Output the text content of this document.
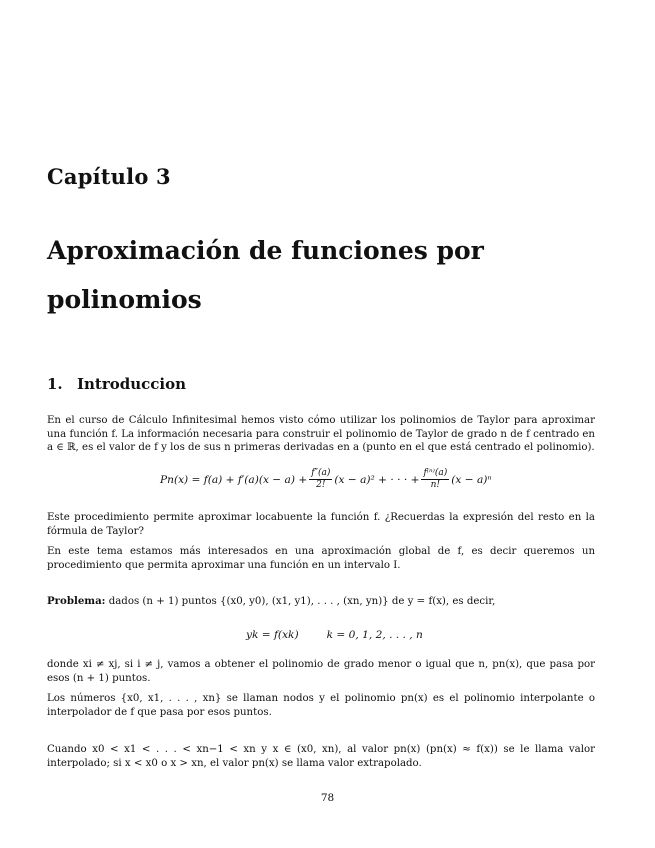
Capítulo 3
Aproximación de funciones por
polinomios
1. Introduccion
En el curso de Cálculo Infinitesimal hemos visto cómo utilizar los polinomios de Taylor para aproximar una función f. La información necesaria para construir el polinomio de Taylor de grado n de f centrado en a ∈ ℝ, es el valor de f y los de sus n primeras derivadas en a (punto en el que está centrado el polinomio).
$Pn(x) = f(a) + f'(a)(x - a) + \frac{f''(a)}{2!} (x - a)^2$ + · · · + $\frac{\text{f⁽ⁿ⁾(a)}}{n!} (x - a)^n$
Este procedimiento permite aproximar locabuente la función f. ¿Recuerdas la expresión del resto en la fórmula de Taylor?
En este tema estamos más interesados en una aproximación global de f, es decir queremos un procedimiento que permita aproximar una función en un intervalo I.
Problema: dados (n + 1) puntos {(x0, y0), (x1, y1), . . . , (xn, yn)} de y = f(x), es decir,
yk = f(xk)	k = 0, 1, 2, . . . , n
donde xi ≠ xj, si i ≠ j, vamos a obtener el polinomio de grado menor o igual que n, pn(x), que pasa por esos (n + 1) puntos.
Los números {x0, x1, . . . , xn} se llaman nodos y el polinomio pn(x) es el polinomio interpolante o interpolador de f que pasa por esos puntos.
Cuando x0 < x1 < . . . < xn−1 < xn y x ∈ (x0, xn), al valor pn(x) (pn(x) ≈ f(x)) se le llama valor interpolado; si x < x0 o x > xn, el valor pn(x) se llama valor extrapolado.
78
